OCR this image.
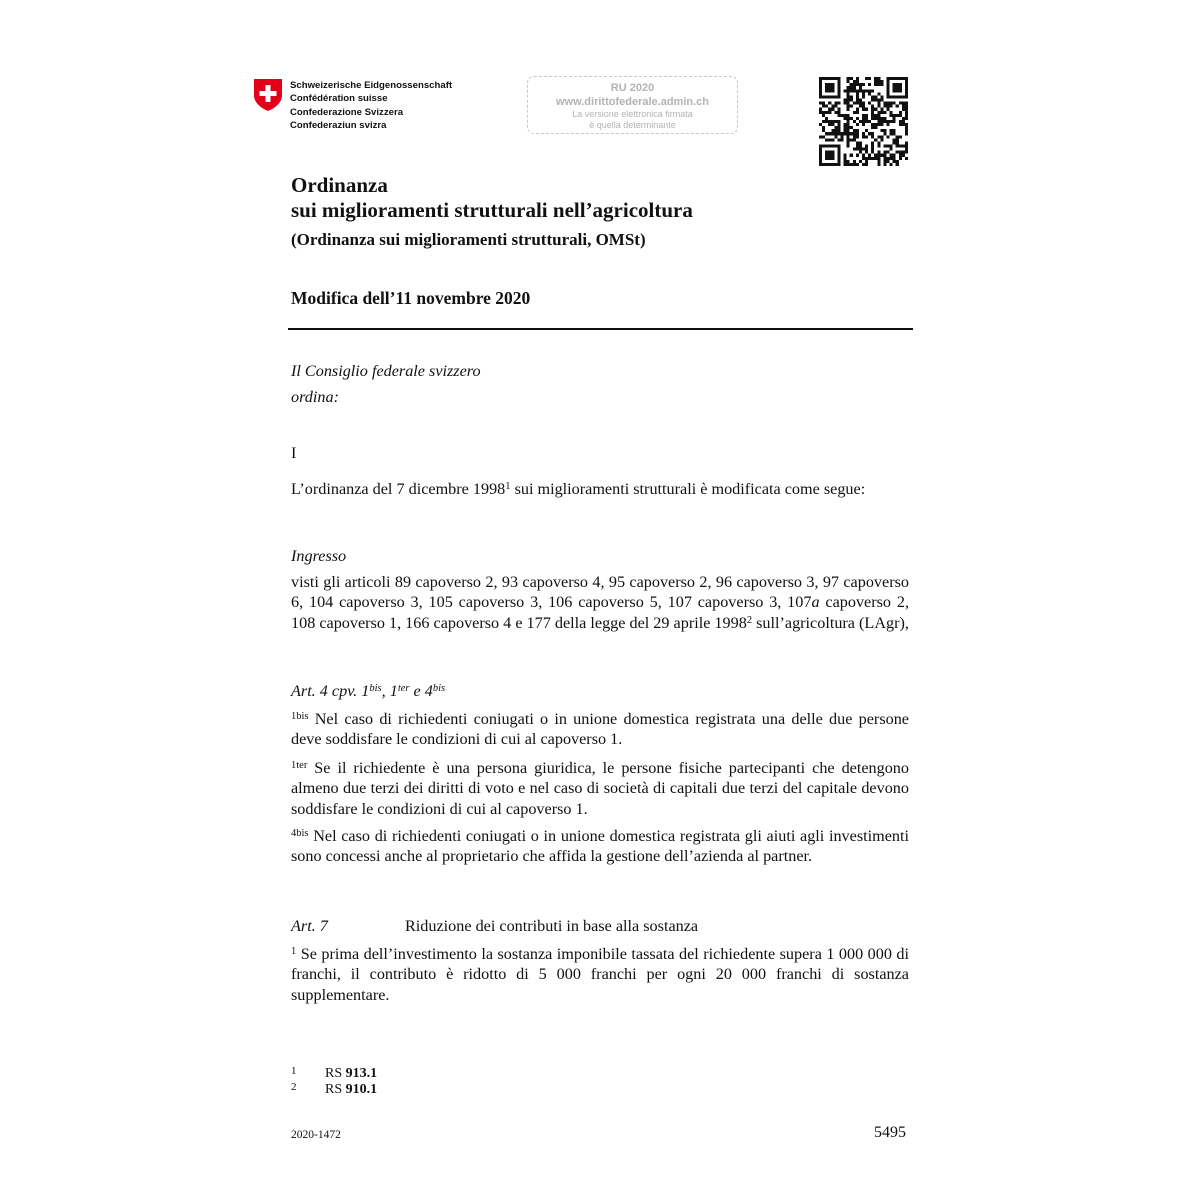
Schweizerische Eidgenossenschaft
Confédération suisse
Confederazione Svizzera
Confederaziun svizra
RU 2020
www.dirittofederale.admin.ch
La versione elettronica firmata
è quella determinante
Ordinanza
sui miglioramenti strutturali nell’agricoltura
(Ordinanza sui miglioramenti strutturali, OMSt)
Modifica dell’11 novembre 2020
Il Consiglio federale svizzero
ordina:
I
L’ordinanza del 7 dicembre 1998$^1$ sui miglioramenti strutturali è modificata come segue:
Ingresso
visti gli articoli 89 capoverso 2, 93 capoverso 4, 95 capoverso 2, 96 capoverso 3, 97 capoverso 6, 104 capoverso 3, 105 capoverso 3, 106 capoverso 5, 107 capoverso 3, 107a capoverso 2, 108 capoverso 1, 166 capoverso 4 e 177 della legge del 29 aprile 1998$^2$ sull’agricoltura (LAgr),
Art. 4 cpv. $1^{bis}$, $1^{ter}$ e $4^{bis}$
$^{1bis}$ Nel caso di richiedenti coniugati o in unione domestica registrata una delle due persone deve soddisfare le condizioni di cui al capoverso 1.
$^{1ter}$ Se il richiedente è una persona giuridica, le persone fisiche partecipanti che detengono almeno due terzi dei diritti di voto e nel caso di società di capitali due terzi del capitale devono soddisfare le condizioni di cui al capoverso 1.
$^{4bis}$ Nel caso di richiedenti coniugati o in unione domestica registrata gli aiuti agli investimenti sono concessi anche al proprietario che affida la gestione dell’azienda al partner.
Art. 7	Riduzione dei contributi in base alla sostanza
$^1$ Se prima dell’investimento la sostanza imponibile tassata del richiedente supera 1 000 000 di franchi, il contributo è ridotto di 5 000 franchi per ogni 20 000 franchi di sostanza supplementare.
1 RS 913.1
2 RS 910.1
2020-1472	5495
